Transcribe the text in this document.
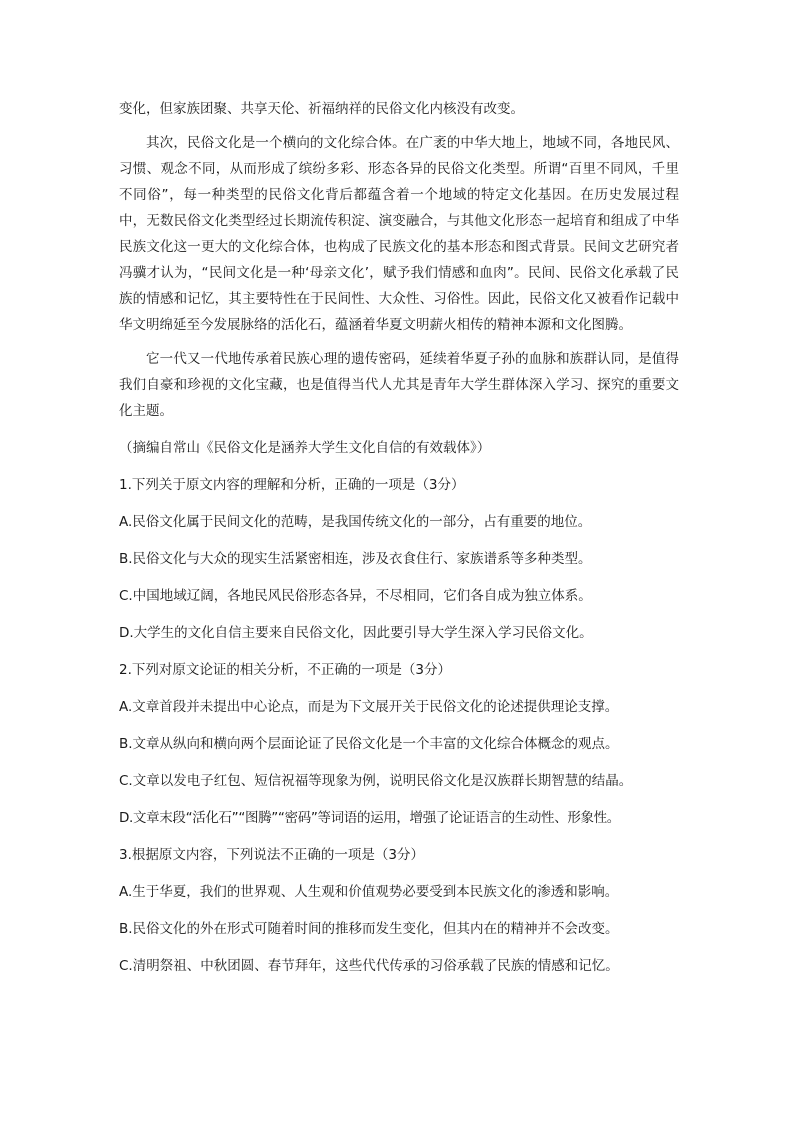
变化，但家族团聚、共享天伦、祈福纳祥的民俗文化内核没有改变。

其次，民俗文化是一个横向的文化综合体。在广袤的中华大地上，地域不同，各地民风、习惯、观念不同，从而形成了缤纷多彩、形态各异的民俗文化类型。所谓“百里不同风，千里不同俗”，每一种类型的民俗文化背后都蕴含着一个地域的特定文化基因。在历史发展过程中，无数民俗文化类型经过长期流传积淀、演变融合，与其他文化形态一起培育和组成了中华民族文化这一更大的文化综合体，也构成了民族文化的基本形态和图式背景。民间文艺研究者冯骥才认为，“民间文化是一种‘母亲文化’，赋予我们情感和血肉”。民间、民俗文化承载了民族的情感和记忆，其主要特性在于民间性、大众性、习俗性。因此，民俗文化又被看作记载中华文明绵延至今发展脉络的活化石，蕴涵着华夏文明薪火相传的精神本源和文化图腾。

它一代又一代地传承着民族心理的遗传密码，延续着华夏子孙的血脉和族群认同，是值得我们自豪和珍视的文化宝藏，也是值得当代人尤其是青年大学生群体深入学习、探究的重要文化主题。

（摘编自常山《民俗文化是涵养大学生文化自信的有效载体》）

1.下列关于原文内容的理解和分析，正确的一项是（3分）

A.民俗文化属于民间文化的范畴，是我国传统文化的一部分，占有重要的地位。

B.民俗文化与大众的现实生活紧密相连，涉及衣食住行、家族谱系等多种类型。

C.中国地域辽阔，各地民风民俗形态各异，不尽相同，它们各自成为独立体系。

D.大学生的文化自信主要来自民俗文化，因此要引导大学生深入学习民俗文化。

2.下列对原文论证的相关分析，不正确的一项是（3分）

A.文章首段并未提出中心论点，而是为下文展开关于民俗文化的论述提供理论支撑。

B.文章从纵向和横向两个层面论证了民俗文化是一个丰富的文化综合体概念的观点。

C.文章以发电子红包、短信祝福等现象为例，说明民俗文化是汉族群长期智慧的结晶。

D.文章末段“活化石”“图腾”“密码”等词语的运用，增强了论证语言的生动性、形象性。

3.根据原文内容，下列说法不正确的一项是（3分）

A.生于华夏，我们的世界观、人生观和价值观势必要受到本民族文化的渗透和影响。

B.民俗文化的外在形式可随着时间的推移而发生变化，但其内在的精神并不会改变。

C.清明祭祖、中秋团圆、春节拜年，这些代代传承的习俗承载了民族的情感和记忆。
